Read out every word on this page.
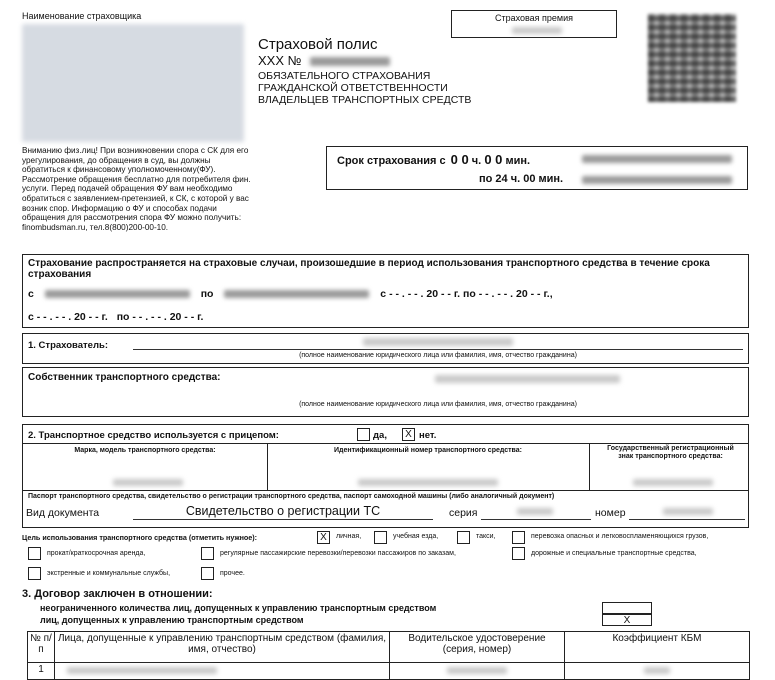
Наименование страховщика
Вниманию физ.лиц! При возникновении спора с СК для его урегулирования, до обращения в суд, вы должны обратиться к финансовому уполномоченному(ФУ). Рассмотрение обращения бесплатно для потребителя фин. услуги. Перед подачей обращения ФУ вам необходимо обратиться с заявлением-претензией, к СК, с которой у вас возник спор. Информацию о ФУ и способах подачи обращения для рассмотрения спора ФУ можно получить: finombudsman.ru, тел.8(800)200-00-10.
Страховой полис
XXX №
ОБЯЗАТЕЛЬНОГО СТРАХОВАНИЯ
ГРАЖДАНСКОЙ ОТВЕТСТВЕННОСТИ
ВЛАДЕЛЬЦЕВ ТРАНСПОРТНЫХ СРЕДСТВ
Страховая премия
Срок страхования с 0 0 ч. 0 0 мин.
по 24 ч. 00 мин.
Страхование распространяется на страховые случаи, произошедшие в период использования транспортного средства в течение срока страхования
с	по	с - - . - - . 20 - - г. по - - . - - . 20 - - г.,
с - - . - - . 20 - - г. по - - . - - . 20 - - г.
1. Страхователь:
(полное наименование юридического лица или фамилия, имя, отчество гражданина)
Собственник транспортного средства:
(полное наименование юридического лица или фамилия, имя, отчество гражданина)
2. Транспортное средство используется с прицепом:	да,	X нет.
Марка, модель транспортного средства:	Идентификационный номер транспортного средства:	Государственный регистрационный знак транспортного средства:
Паспорт транспортного средства, свидетельство о регистрации транспортного средства, паспорт самоходной машины (либо аналогичный документ)
Вид документа	Свидетельство о регистрации ТС	серия	номер
Цель использования транспортного средства (отметить нужное):	X	личная,	учебная езда,	такси,	перевозка опасных и легковоспламеняющихся грузов,
прокат/краткосрочная аренда,	регулярные пассажирские перевозки/перевозки пассажиров по заказам,	дорожные и специальные транспортные средства,
экстренные и коммунальные службы,	прочее.
3. Договор заключен в отношении:
неограниченного количества лиц, допущенных к управлению транспортным средством
лиц, допущенных к управлению транспортным средством	X
№ п/п	Лица, допущенные к управлению транспортным средством (фамилия, имя, отчество)	Водительское удостоверение (серия, номер)	Коэффициент КБМ
1	
